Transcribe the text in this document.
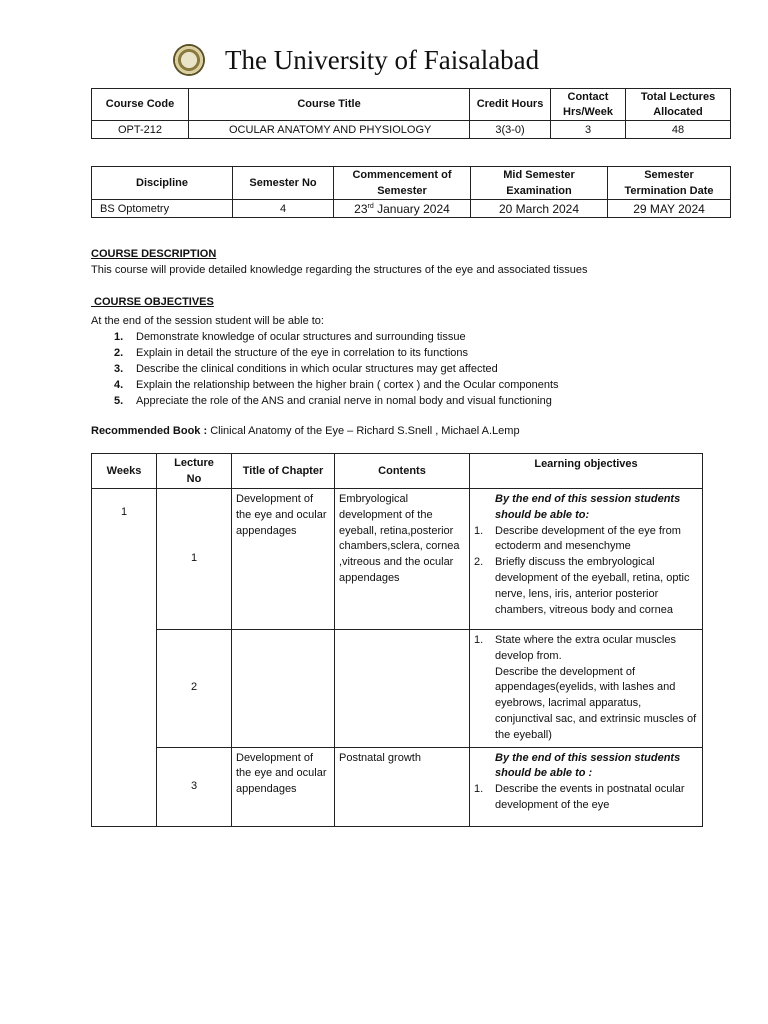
The University of Faisalabad
Course Code	Course Title	Credit Hours	Contact Hrs/Week	Total Lectures Allocated
OPT-212	OCULAR ANATOMY AND PHYSIOLOGY	3(3-0)	3	48
Discipline	Semester No	Commencement of Semester	Mid Semester Examination	Semester Termination Date
BS Optometry	4	23rd January 2024	20 March 2024	29 MAY 2024
COURSE DESCRIPTION
This course will provide detailed knowledge regarding the structures of the eye and associated tissues
COURSE OBJECTIVES
At the end of the session student will be able to:
1.	Demonstrate knowledge of ocular structures and surrounding tissue
2.	Explain in detail the structure of the eye in correlation to its functions
3.	Describe the clinical conditions in which ocular structures may get affected
4.	Explain the relationship between the higher brain ( cortex ) and the Ocular components
5.	Appreciate the role of the ANS and cranial nerve in nomal body and visual functioning
Recommended Book : Clinical Anatomy of the Eye – Richard S.Snell , Michael A.Lemp
Weeks	Lecture No	Title of Chapter	Contents	Learning objectives
1	1	Development of the eye and ocular appendages	Embryological development of the eyeball, retina,posterior chambers,sclera, cornea ,vitreous and the ocular appendages	By the end of this session students should be able to:
1. Describe development of the eye from ectoderm and mesenchyme
2. Briefly discuss the embryological development of the eyeball, retina, optic nerve, lens, iris, anterior posterior chambers, vitreous body and cornea

	2			1. State where the extra ocular muscles develop from.
Describe the development of appendages(eyelids, with lashes and eyebrows, lacrimal apparatus, conjunctival sac, and extrinsic muscles of the eyeball)

	3	Development of the eye and ocular appendages	Postnatal growth	By the end of this session students should be able to :
1. Describe the events in postnatal ocular development of the eye
